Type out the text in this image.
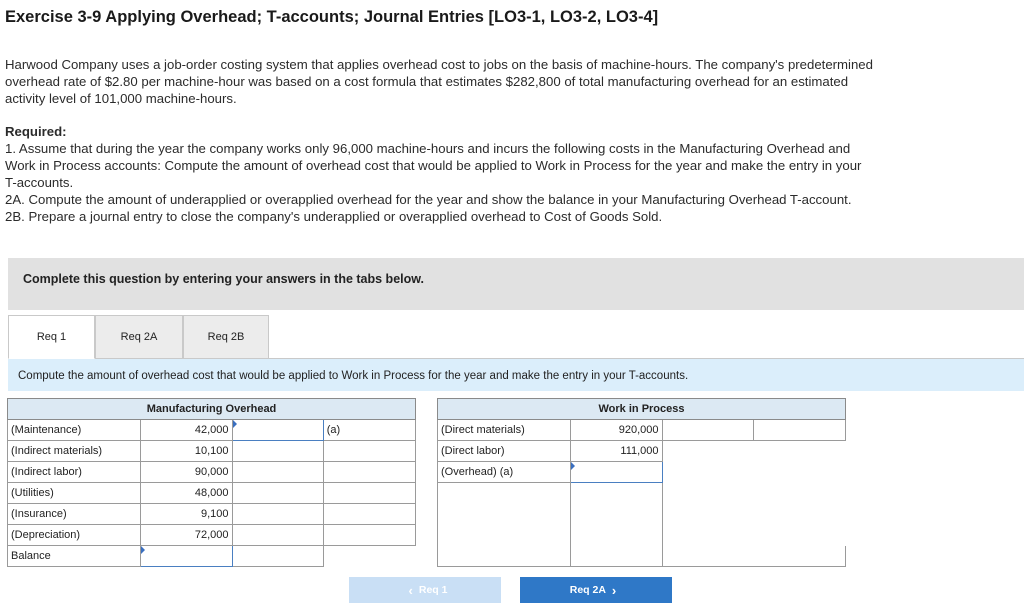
Exercise 3-9 Applying Overhead; T-accounts; Journal Entries [LO3-1, LO3-2, LO3-4]
Harwood Company uses a job-order costing system that applies overhead cost to jobs on the basis of machine-hours. The company's predetermined overhead rate of $2.80 per machine-hour was based on a cost formula that estimates $282,800 of total manufacturing overhead for an estimated activity level of 101,000 machine-hours.
Required:
1. Assume that during the year the company works only 96,000 machine-hours and incurs the following costs in the Manufacturing Overhead and Work in Process accounts: Compute the amount of overhead cost that would be applied to Work in Process for the year and make the entry in your T-accounts.
2A. Compute the amount of underapplied or overapplied overhead for the year and show the balance in your Manufacturing Overhead T-account.
2B. Prepare a journal entry to close the company's underapplied or overapplied overhead to Cost of Goods Sold.
Complete this question by entering your answers in the tabs below.
Req 1	Req 2A	Req 2B
Compute the amount of overhead cost that would be applied to Work in Process for the year and make the entry in your T-accounts.
Manufacturing Overhead			
(Maintenance)	42,000		(a)
(Indirect materials)	10,100		
(Indirect labor)	90,000		
(Utilities)	48,000		
(Insurance)	9,100		
(Depreciation)	72,000		
Balance			
Work in Process			
(Direct materials)	920,000		
(Direct labor)	111,000		
(Overhead) (a)			

‹ Req 1	Req 2A ›
